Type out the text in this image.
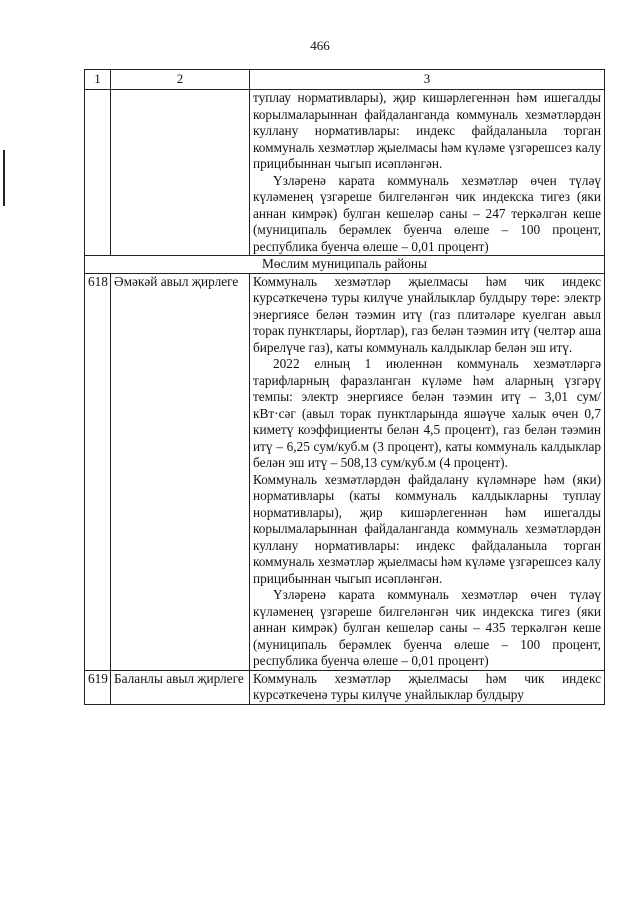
466
1	2	3

		туплау нормативлары), җир кишәрлегеннән һәм ишегалды корылмаларыннан файдаланганда коммуналь хезмәтләрдән куллану нормативлары: индекс файдаланыла торган коммуналь хезмәтләр җыелмасы һәм күләме үзгәрешсез калу прицибыннан чыгып исәпләнгән.

Үзләренә карата коммуналь хезмәтләр өчен түләү күләменең үзгәреше билгеләнгән чик индекска тигез (яки аннан кимрәк) булган кешеләр саны – 247 теркәлгән кеше (муниципаль берәмлек буенча өлеше – 100 процент, республика буенча өлеше – 0,01 процент)

Мөслим муниципаль районы		
618	Әмәкәй авыл җирлеге	Коммуналь хезмәтләр җыелмасы һәм чик индекс курсәткеченә туры килүче унайлыклар булдыру төре: электр энергиясе белән тәэмин итү (газ плитәләре куелган авыл торак пунктлары, йортлар), газ белән тәэмин итү (челтәр аша бирелүче газ), каты коммуналь калдыклар белән эш итү.

2022 елның 1 июленнән коммуналь хезмәтләргә тарифларның фаразланган күләме һәм аларның үзгәрү темпы: электр энергиясе белән тәэмин итү – 3,01 сум/кВт·сәг (авыл торак пунктларында яшәүче халык өчен 0,7 киметү коэффициенты белән 4,5 процент), газ белән тәэмин итү – 6,25 сум/куб.м (3 процент), каты коммуналь калдыклар белән эш итү – 508,13 сум/куб.м (4 процент).

Коммуналь хезмәтләрдән файдалану күләмнәре һәм (яки) нормативлары (каты коммуналь калдыкларны туплау нормативлары), җир кишәрлегеннән һәм ишегалды корылмаларыннан файдаланганда коммуналь хезмәтләрдән куллану нормативлары: индекс файдаланыла торган коммуналь хезмәтләр җыелмасы һәм күләме үзгәрешсез калу прицибыннан чыгып исәпләнгән.

Үзләренә карата коммуналь хезмәтләр өчен түләү күләменең үзгәреше билгеләнгән чик индекска тигез (яки аннан кимрәк) булган кешеләр саны – 435 теркәлгән кеше (муниципаль берәмлек буенча өлеше – 100 процент, республика буенча өлеше – 0,01 процент)

619	Баланлы авыл җирлеге	Коммуналь хезмәтләр җыелмасы һәм чик индекс курсәткеченә туры килүче унайлыклар булдыру
